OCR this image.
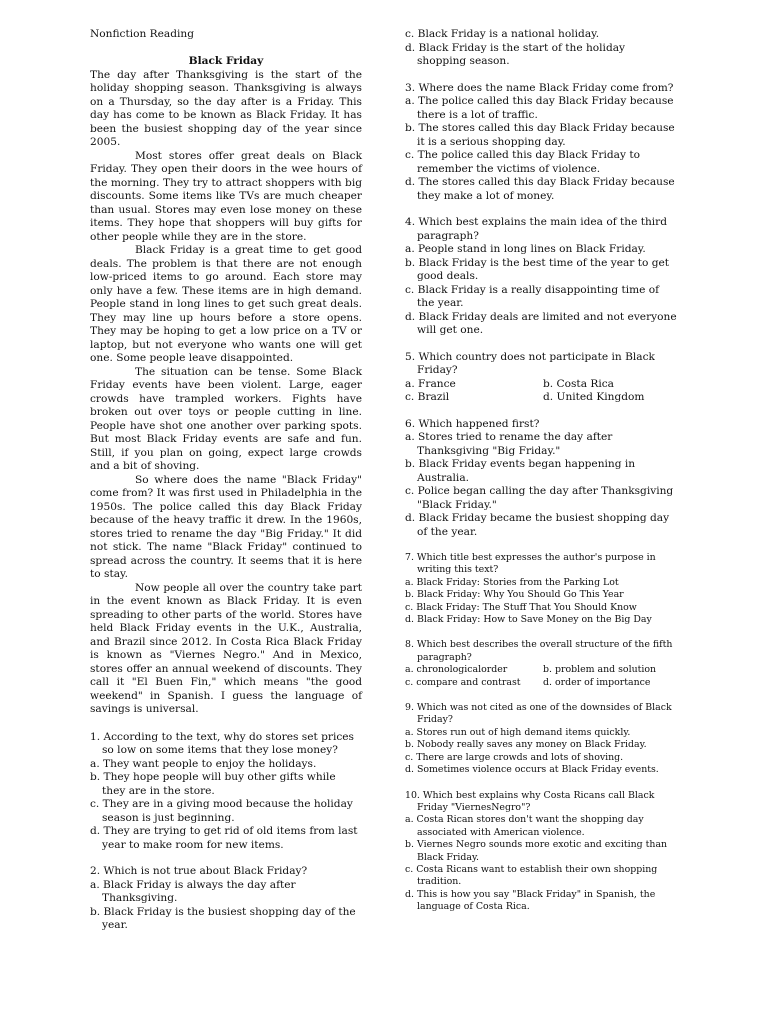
Nonfiction Reading
Black Friday

The day after Thanksgiving is the start of the holiday shopping season. Thanksgiving is always on a Thursday, so the day after is a Friday. This day has come to be known as Black Friday. It has been the busiest shopping day of the year since 2005.

Most stores offer great deals on Black Friday. They open their doors in the wee hours of the morning. They try to attract shoppers with big discounts. Some items like TVs are much cheaper than usual. Stores may even lose money on these items. They hope that shoppers will buy gifts for other people while they are in the store.

Black Friday is a great time to get good deals. The problem is that there are not enough low-priced items to go around. Each store may only have a few. These items are in high demand. People stand in long lines to get such great deals. They may line up hours before a store opens. They may be hoping to get a low price on a TV or laptop, but not everyone who wants one will get one. Some people leave disappointed.

The situation can be tense. Some Black Friday events have been violent. Large, eager crowds have trampled workers. Fights have broken out over toys or people cutting in line. People have shot one another over parking spots. But most Black Friday events are safe and fun. Still, if you plan on going, expect large crowds and a bit of shoving.

So where does the name "Black Friday" come from? It was first used in Philadelphia in the 1950s. The police called this day Black Friday because of the heavy traffic it drew. In the 1960s, stores tried to rename the day "Big Friday." It did not stick. The name "Black Friday" continued to spread across the country. It seems that it is here to stay.

Now people all over the country take part in the event known as Black Friday. It is even spreading to other parts of the world. Stores have held Black Friday events in the U.K., Australia, and Brazil since 2012. In Costa Rica Black Friday is known as "Viernes Negro." And in Mexico, stores offer an annual weekend of discounts. They call it "El Buen Fin," which means "the good weekend" in Spanish. I guess the language of savings is universal.

1. According to the text, why do stores set prices so low on some items that they lose money?
a. They want people to enjoy the holidays.
b. They hope people will buy other gifts while they are in the store.
c. They are in a giving mood because the holiday season is just beginning.
d. They are trying to get rid of old items from last year to make room for new items.
2. Which is not true about Black Friday?
a. Black Friday is always the day after Thanksgiving.
b. Black Friday is the busiest shopping day of the year.
c. Black Friday is a national holiday.
d. Black Friday is the start of the holiday shopping season.
3. Where does the name Black Friday come from?
a. The police called this day Black Friday because there is a lot of traffic.
b. The stores called this day Black Friday because it is a serious shopping day.
c. The police called this day Black Friday to remember the victims of violence.
d. The stores called this day Black Friday because they make a lot of money.
4. Which best explains the main idea of the third paragraph?
a. People stand in long lines on Black Friday.
b. Black Friday is the best time of the year to get good deals.
c. Black Friday is a really disappointing time of the year.
d. Black Friday deals are limited and not everyone will get one.
5. Which country does not participate in Black Friday?
a. France	b. Costa Rica
c. Brazil	d. United Kingdom
6. Which happened first?
a. Stores tried to rename the day after Thanksgiving "Big Friday."
b. Black Friday events began happening in Australia.
c. Police began calling the day after Thanksgiving "Black Friday."
d. Black Friday became the busiest shopping day of the year.
7. Which title best expresses the author's purpose in writing this text?
a. Black Friday: Stories from the Parking Lot
b. Black Friday: Why You Should Go This Year
c. Black Friday: The Stuff That You Should Know
d. Black Friday: How to Save Money on the Big Day
8. Which best describes the overall structure of the fifth paragraph?
a. chronologicalorder	b. problem and solution
c. compare and contrast	d. order of importance
9. Which was not cited as one of the downsides of Black Friday?
a. Stores run out of high demand items quickly.
b. Nobody really saves any money on Black Friday.
c. There are large crowds and lots of shoving.
d. Sometimes violence occurs at Black Friday events.
10. Which best explains why Costa Ricans call Black Friday "ViernesNegro"?
a. Costa Rican stores don't want the shopping day associated with American violence.
b. Viernes Negro sounds more exotic and exciting than Black Friday.
c. Costa Ricans want to establish their own shopping tradition.
d. This is how you say "Black Friday" in Spanish, the language of Costa Rica.
